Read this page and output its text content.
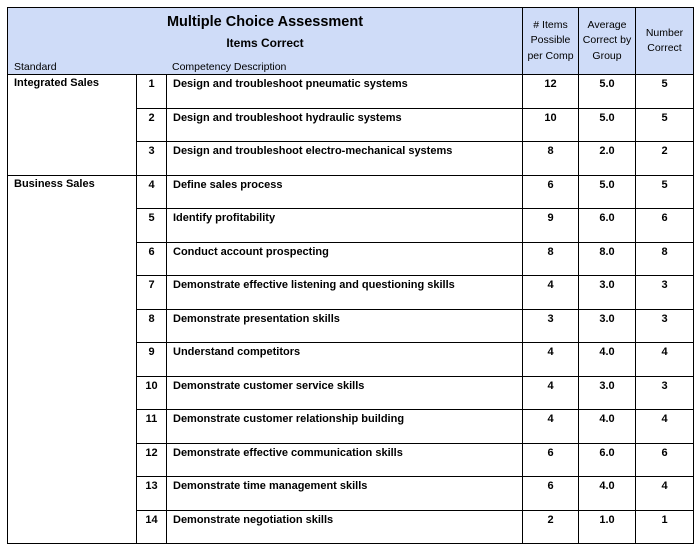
Multiple Choice Assessment
Items Correct
Standard Competency Description			# Items Possible per Comp	Average Correct by Group	Number Correct
Integrated Sales	1	Design and troubleshoot pneumatic systems	12	5.0	5
	2	Design and troubleshoot hydraulic systems	10	5.0	5
	3	Design and troubleshoot electro-mechanical systems	8	2.0	2
Business Sales	4	Define sales process	6	5.0	5
	5	Identify profitability	9	6.0	6
	6	Conduct account prospecting	8	8.0	8
	7	Demonstrate effective listening and questioning skills	4	3.0	3
	8	Demonstrate presentation skills	3	3.0	3
	9	Understand competitors	4	4.0	4
	10	Demonstrate customer service skills	4	3.0	3
	11	Demonstrate customer relationship building	4	4.0	4
	12	Demonstrate effective communication skills	6	6.0	6
	13	Demonstrate time management skills	6	4.0	4
	14	Demonstrate negotiation skills	2	1.0	1
